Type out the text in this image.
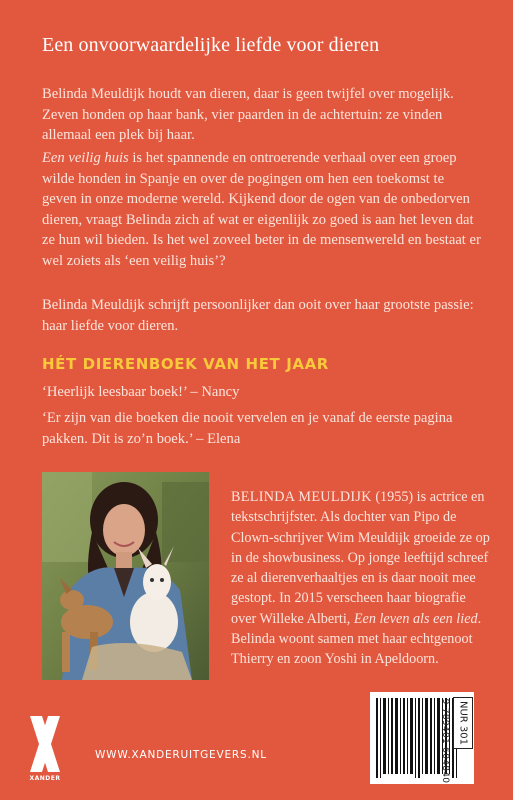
Een onvoorwaardelijke liefde voor dieren

Belinda Meuldijk houdt van dieren, daar is geen twijfel over mogelijk. Zeven honden op haar bank, vier paarden in de achtertuin: ze vinden allemaal een plek bij haar.

Een veilig huis is het spannende en ontroerende verhaal over een groep wilde honden in Spanje en over de pogingen om hen een toekomst te geven in onze moderne wereld. Kijkend door de ogen van de onbedorven dieren, vraagt Belinda zich af wat er eigenlijk zo goed is aan het leven dat ze hun wil bieden. Is het wel zoveel beter in de mensenwereld en bestaat er wel zoiets als ‘een veilig huis’?

Belinda Meuldijk schrijft persoonlijker dan ooit over haar grootste passie: haar liefde voor dieren.

HÉT DIERENBOEK VAN HET JAAR

‘Heerlijk leesbaar boek!’ – Nancy

‘Er zijn van die boeken die nooit vervelen en je vanaf de eerste pagina pakken. Dit is zo’n boek.’ – Elena

BELINDA MEULDIJK (1955) is actrice en tekstschrijfster. Als dochter van Pipo de Clown-schrijver Wim Meuldijk groeide ze op in de showbusiness. Op jonge leeftijd schreef ze al dierenverhaaltjes en is daar nooit mee gestopt. In 2015 verscheen haar biografie over Willeke Alberti, Een leven als een lied. Belinda woont samen met haar echtgenoot Thierry en zoon Yoshi in Apeldoorn.

9 789401 604840 NUR 301
XANDER
WWW.XANDERUITGEVERS.NL
